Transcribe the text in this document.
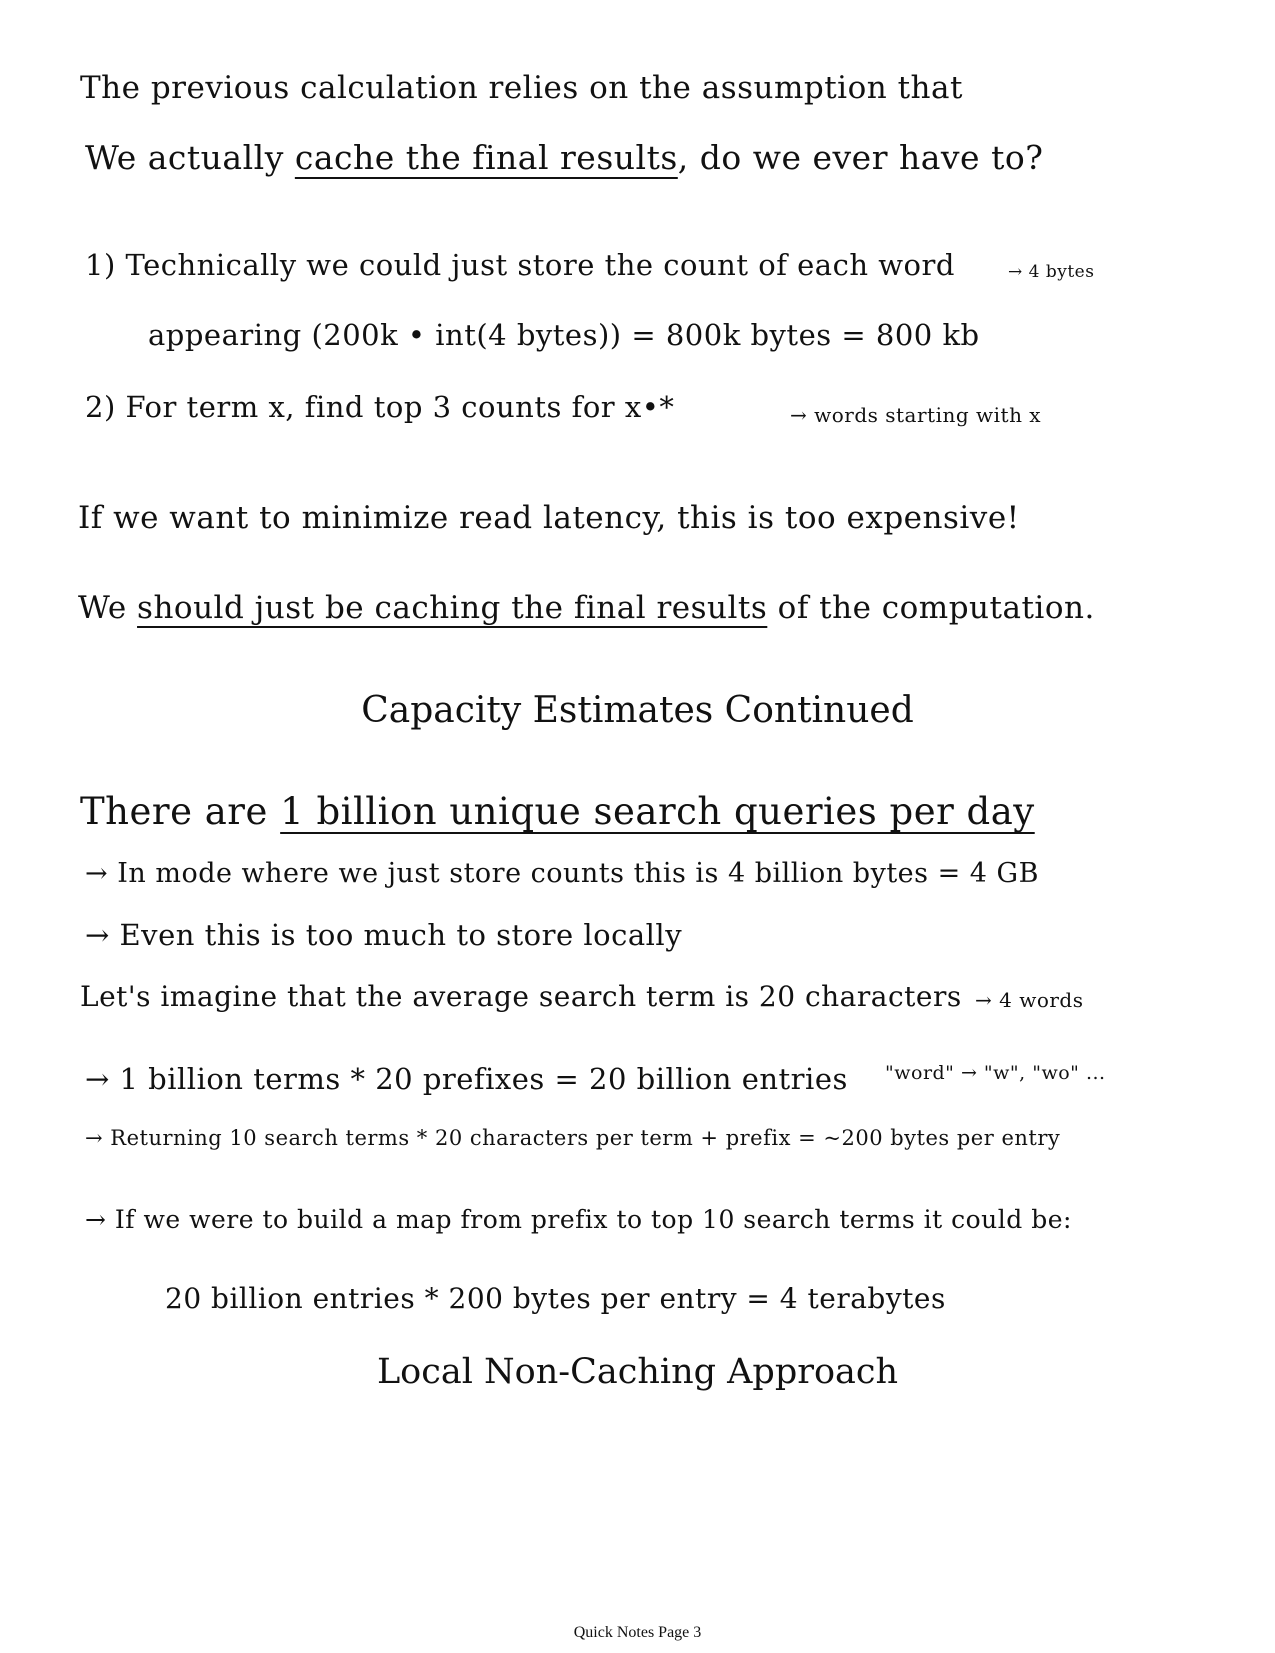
The previous calculation relies on the assumption that
We actually cache the final results, do we ever have to?
1) Technically we could just store the count of each word	→ 4 bytes
appearing (200k • int(4 bytes)) = 800k bytes = 800 kb
2) For term x, find top 3 counts for x•*	→ words starting with x
If we want to minimize read latency, this is too expensive!
We should just be caching the final results of the computation.
Capacity Estimates Continued
There are 1 billion unique search queries per day
→ In mode where we just store counts this is 4 billion bytes = 4 GB
→ Even this is too much to store locally
Let's imagine that the average search term is 20 characters → 4 words
→ 1 billion terms * 20 prefixes = 20 billion entries "word" → "w", "wo" ...
→ Returning 10 search terms * 20 characters per term + prefix = ~200 bytes per entry
→ If we were to build a map from prefix to top 10 search terms it could be:
20 billion entries * 200 bytes per entry = 4 terabytes
Local Non-Caching Approach
Quick Notes Page 3
